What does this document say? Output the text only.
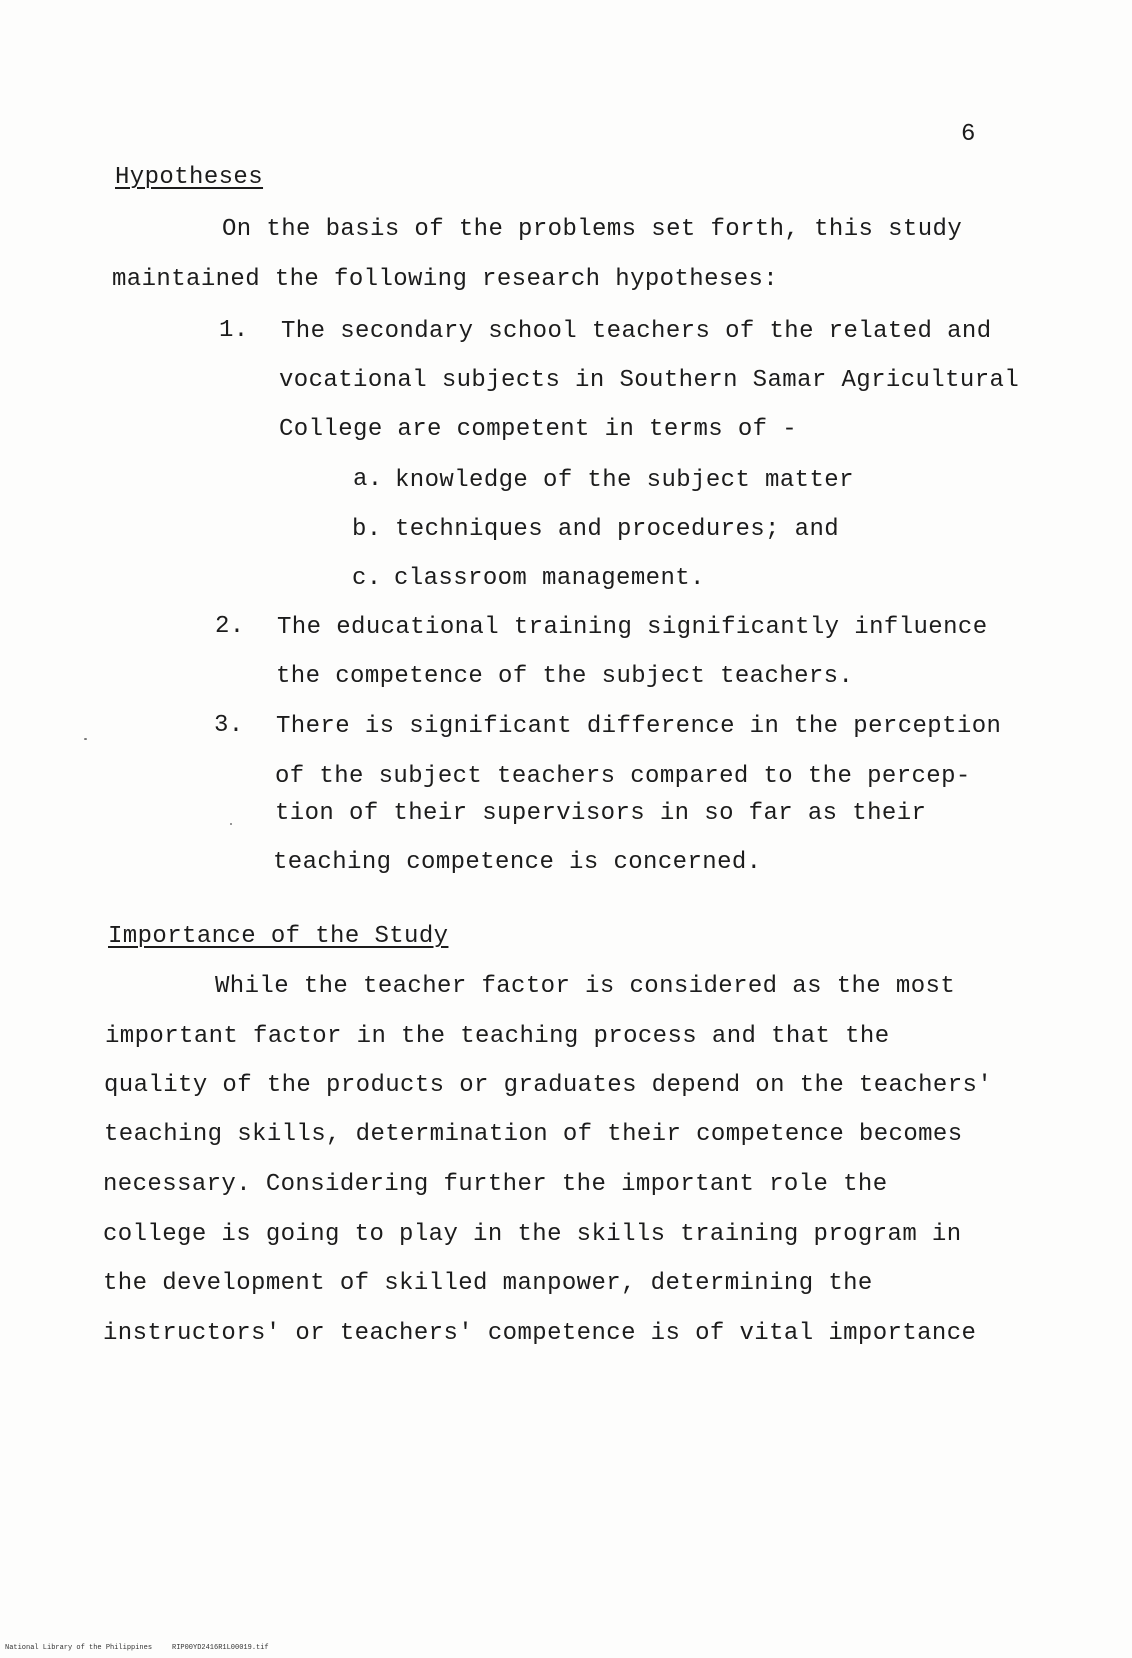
6
Hypotheses
On the basis of the problems set forth, this study
maintained the following research hypotheses:
1. The secondary school teachers of the related and
vocational subjects in Southern Samar Agricultural
College are competent in terms of -
a. knowledge of the subject matter
b. techniques and procedures; and
c. classroom management.
2. The educational training significantly influence
the competence of the subject teachers.
3. There is significant difference in the perception
of the subject teachers compared to the percep-
tion of their supervisors in so far as their
teaching competence is concerned.
Importance of the Study
While the teacher factor is considered as the most
important factor in the teaching process and that the
quality of the products or graduates depend on the teachers'
teaching skills, determination of their competence becomes
necessary. Considering further the important role the
college is going to play in the skills training program in
the development of skilled manpower, determining the
instructors' or teachers' competence is of vital importance
National Library of the Philippines	RIP00YD2416R1L00019.tif
